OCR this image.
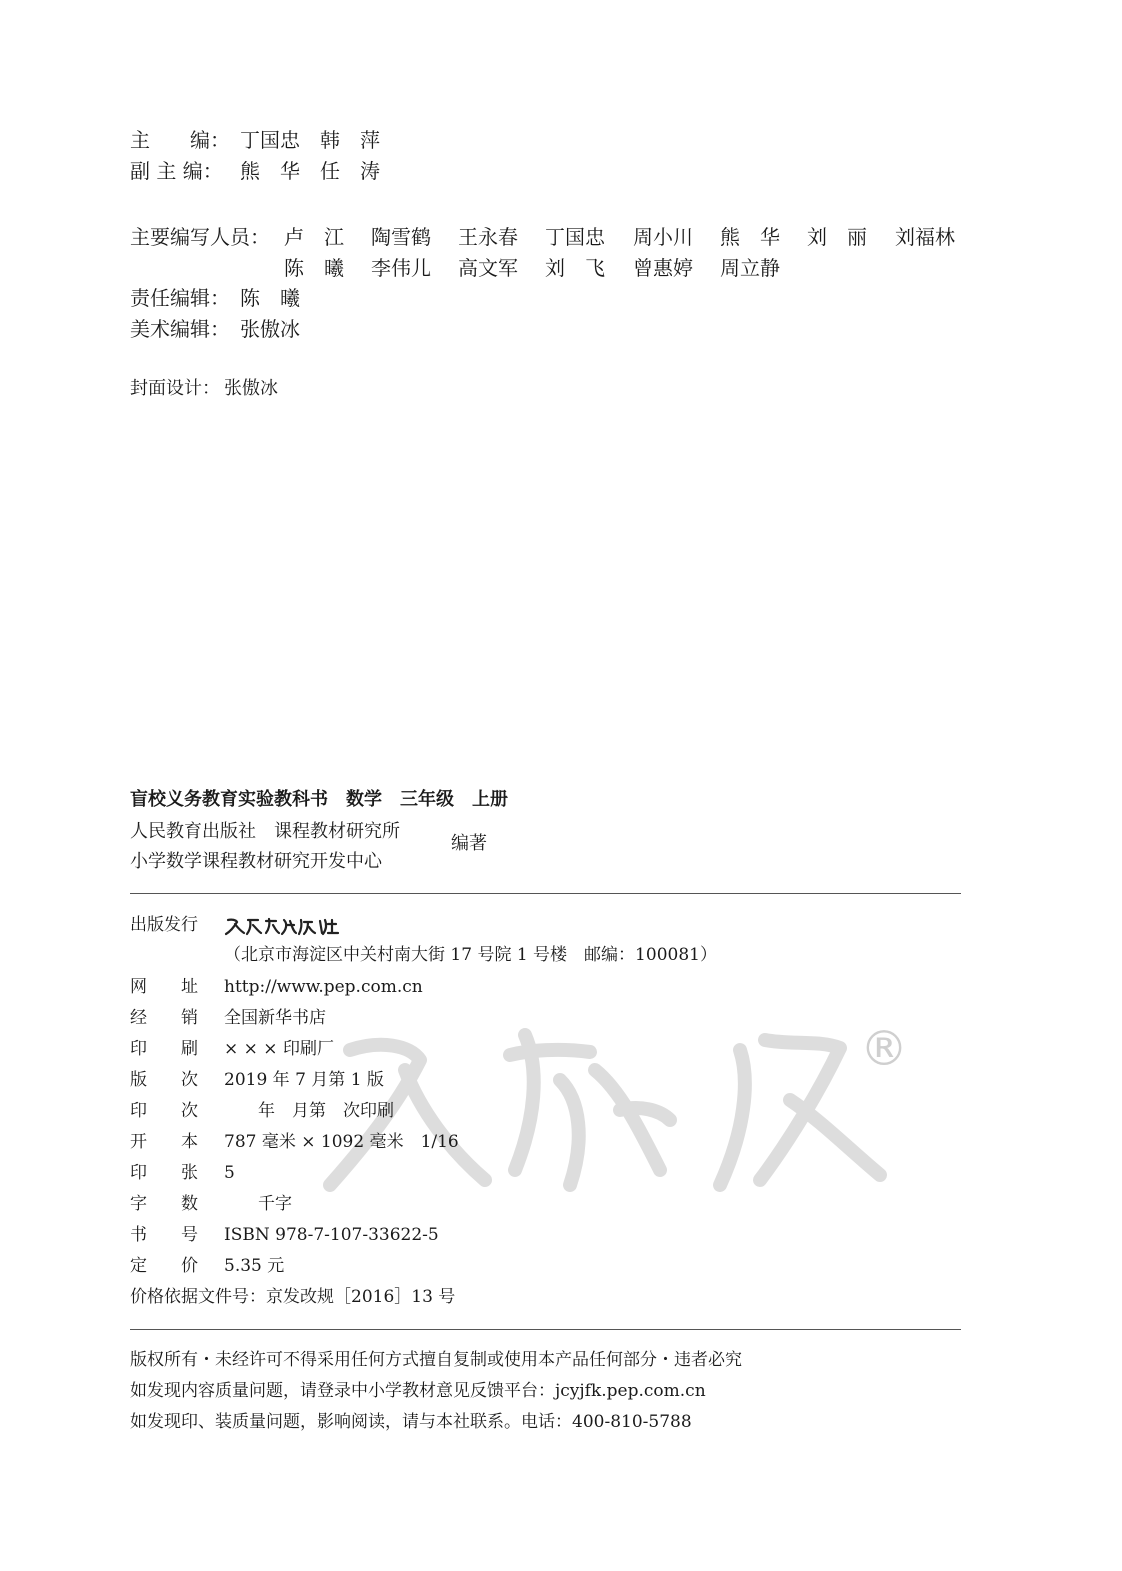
主　　编： 丁国忠　韩　萍
副 主 编： 熊　华　任　涛
主要编写人员： 卢　江 陶雪鹤 王永春 丁国忠 周小川 熊　华 刘　丽 刘福林
陈　曦 李伟儿 高文军 刘　飞 曾惠婷 周立静
责任编辑： 陈　曦
美术编辑： 张傲冰
封面设计： 张傲冰
盲校义务教育实验教科书　数学　三年级　上册
人民教育出版社　课程教材研究所
小学数学课程教材研究开发中心
编著
®
出版发行
（北京市海淀区中关村南大街 17 号院 1 号楼　邮编：100081）
网　　址	http://www.pep.com.cn
经　　销	全国新华书店
印　　刷	× × × 印刷厂
版　　次	2019 年 7 月第 1 版
印　　次	　　年　月第　次印刷
开　　本	787 毫米 × 1092 毫米　1/16
印　　张	5
字　　数	　　千字
书　　号	ISBN 978-7-107-33622-5
定　　价	5.35 元
价格依据文件号：京发改规［2016］13 号
版权所有・未经许可不得采用任何方式擅自复制或使用本产品任何部分・违者必究
如发现内容质量问题，请登录中小学教材意见反馈平台：jcyjfk.pep.com.cn
如发现印、装质量问题，影响阅读，请与本社联系。电话：400-810-5788
